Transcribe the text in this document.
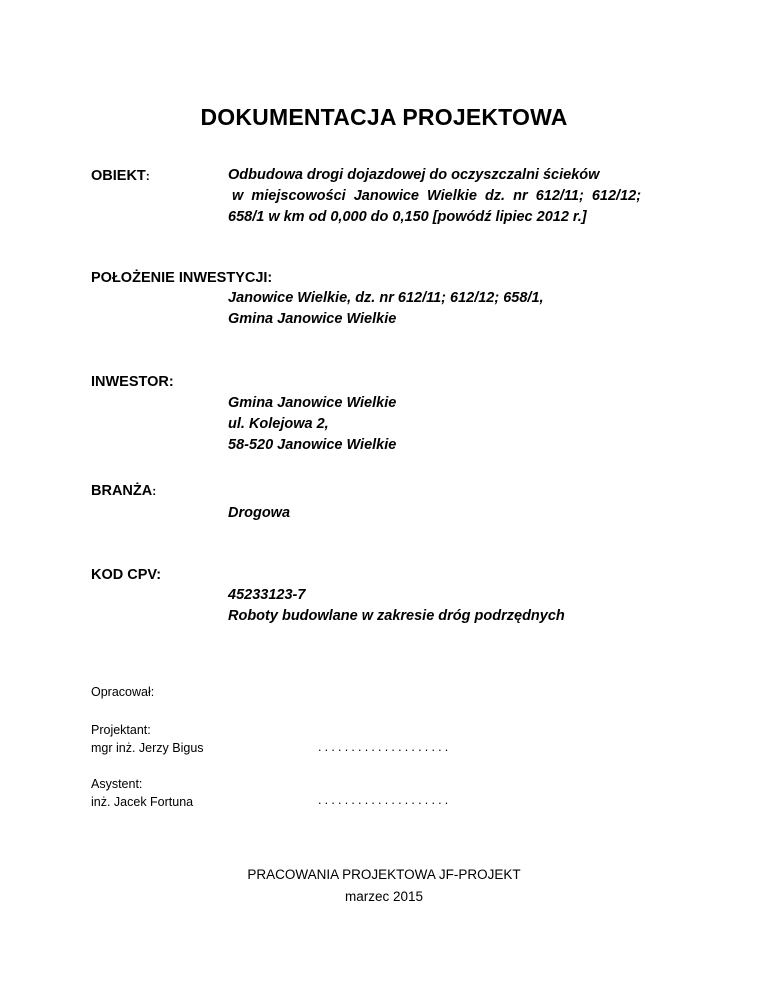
DOKUMENTACJA PROJEKTOWA
OBIEKT:	Odbudowa drogi dojazdowej do oczyszczalni ścieków
w  miejscowości  Janowice  Wielkie  dz.  nr  612/11;  612/12;
658/1 w km od 0,000 do 0,150 [powódź lipiec 2012 r.]
POŁOŻENIE INWESTYCJI:
Janowice Wielkie, dz. nr 612/11; 612/12; 658/1,
Gmina Janowice Wielkie
INWESTOR:
Gmina Janowice Wielkie
ul. Kolejowa 2,
58-520 Janowice Wielkie
BRANŻA:
Drogowa
KOD CPV:
45233123-7
Roboty budowlane w zakresie dróg podrzędnych
Opracował:
Projektant:
mgr inż. Jerzy Bigus	....................
Asystent:
inż. Jacek Fortuna	....................
PRACOWANIA PROJEKTOWA JF-PROJEKT
marzec 2015
